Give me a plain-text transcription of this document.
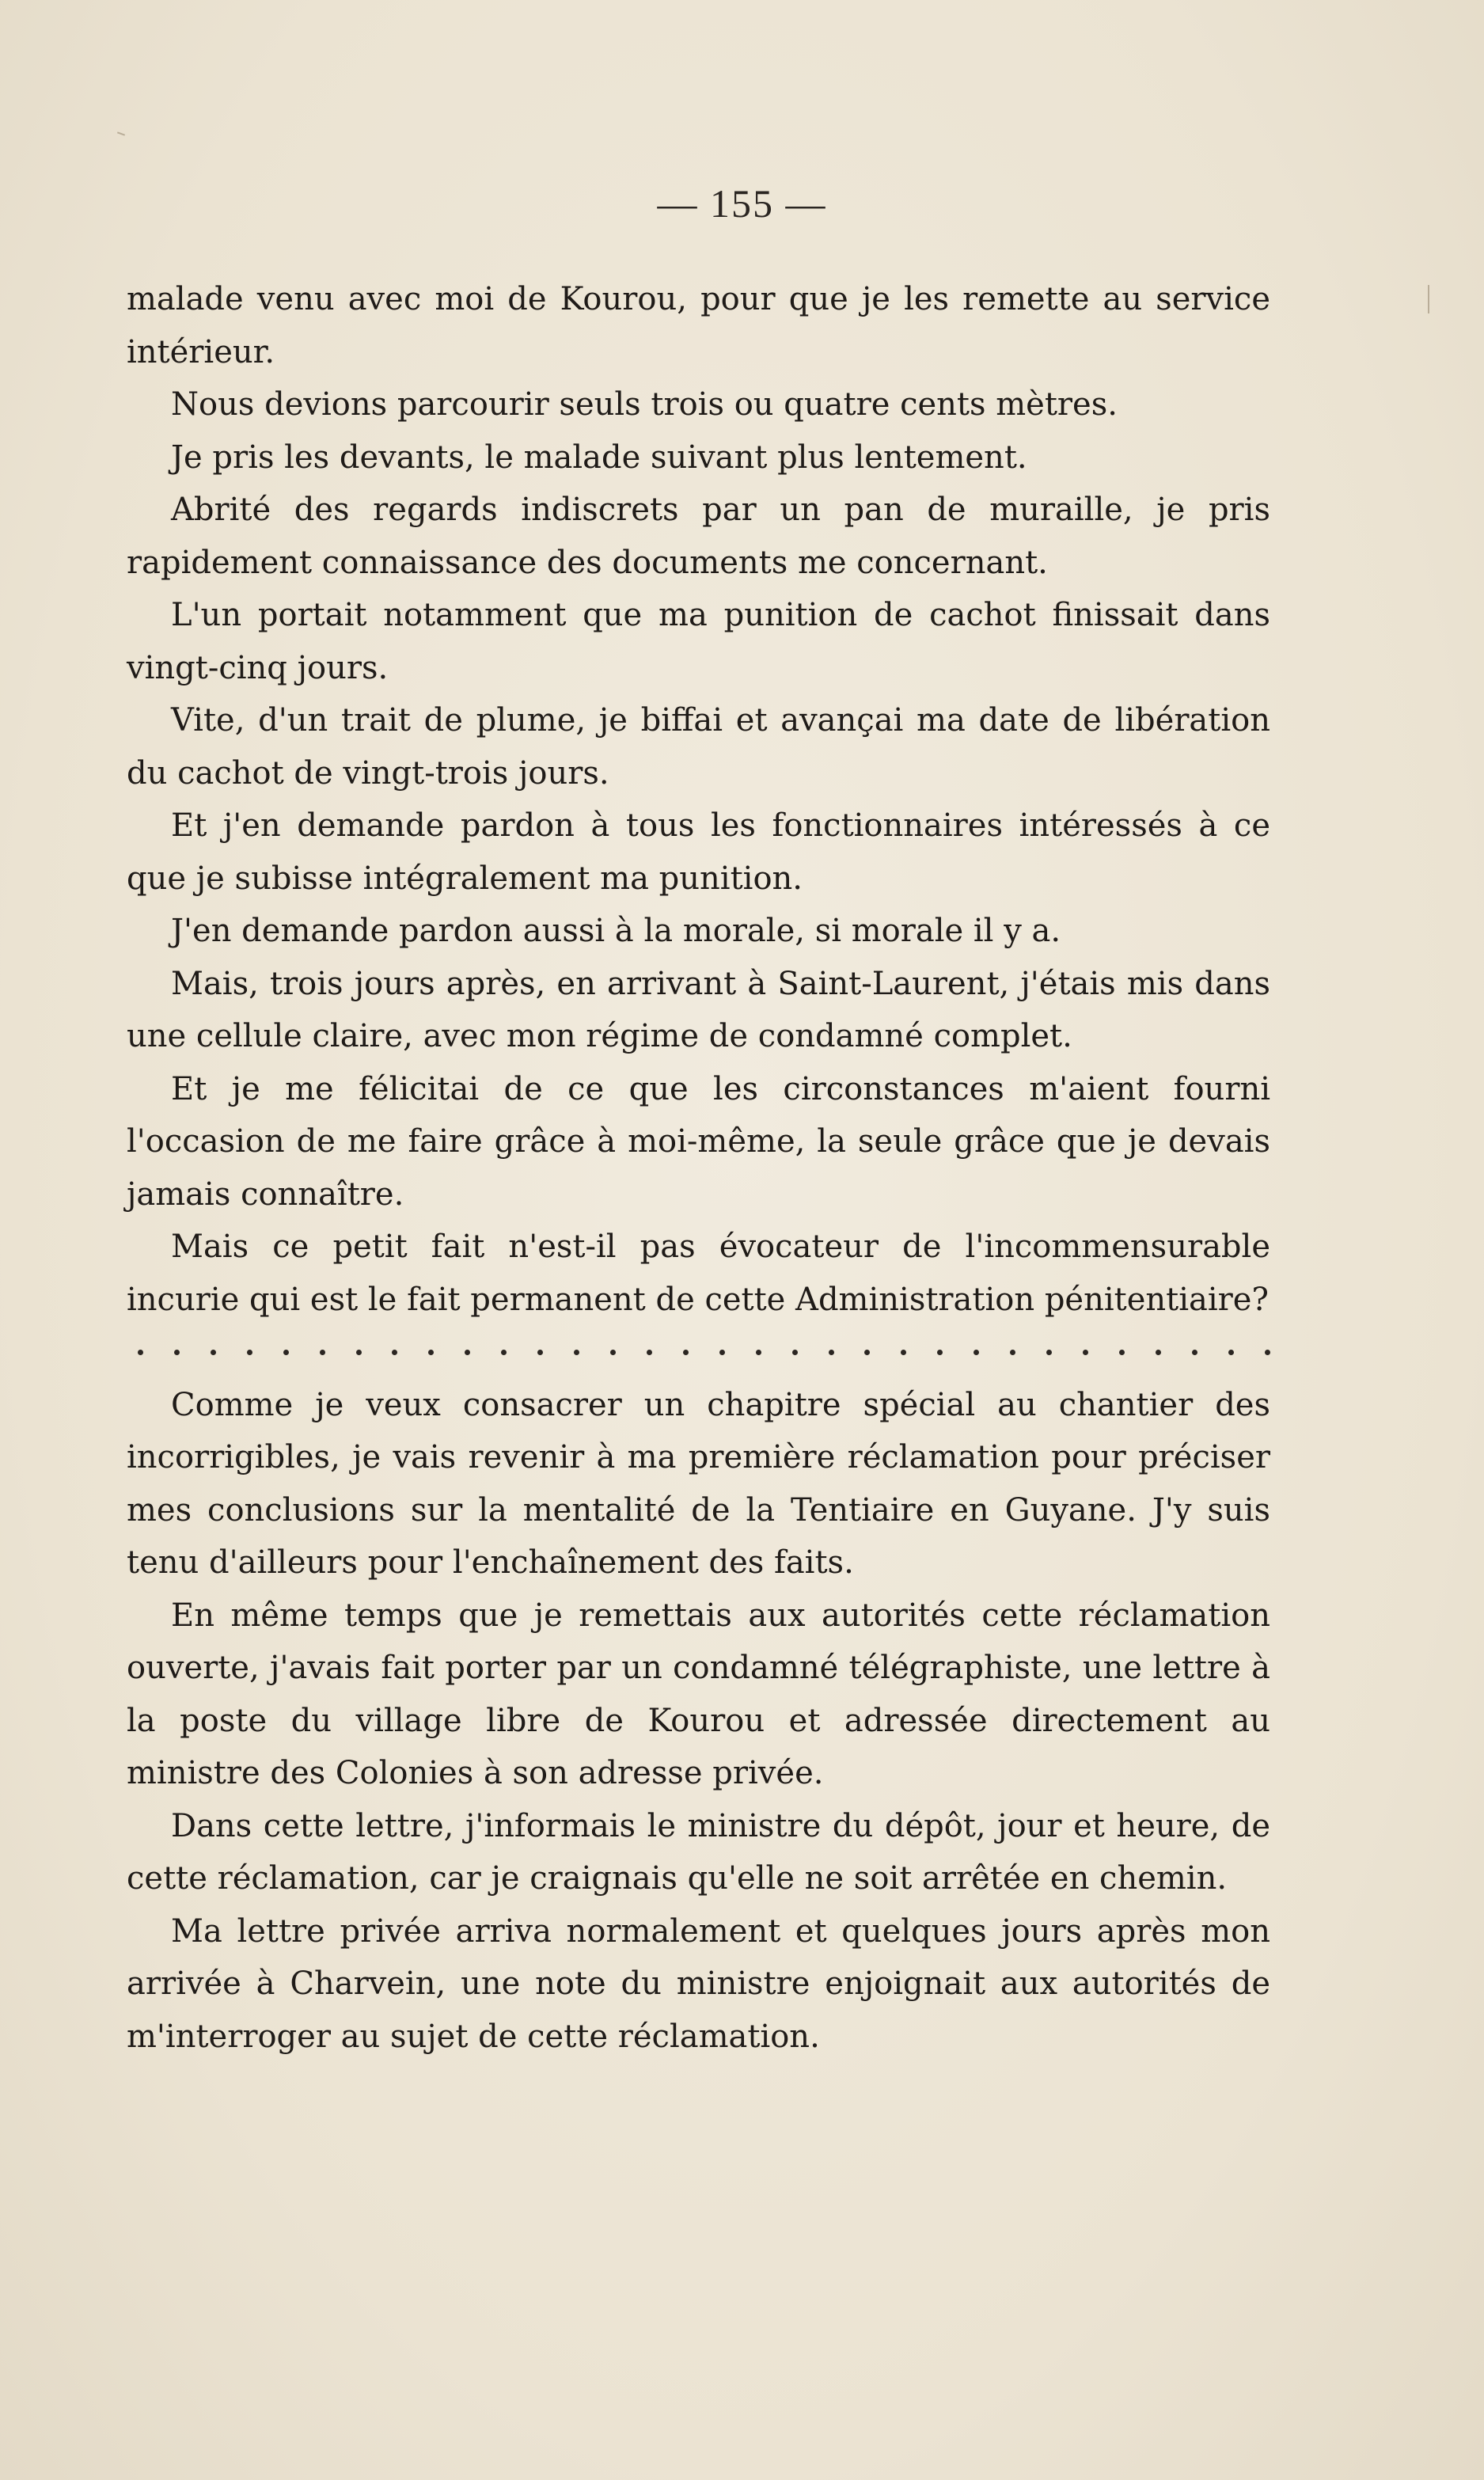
— 155 —

malade venu avec moi de Kourou, pour que je les remette au service intérieur.

Nous devions parcourir seuls trois ou quatre cents mètres.

Je pris les devants, le malade suivant plus lentement.

Abrité des regards indiscrets par un pan de muraille, je pris rapidement connaissance des documents me concernant.

L'un portait notamment que ma punition de cachot finissait dans vingt-cinq jours.

Vite, d'un trait de plume, je biffai et avançai ma date de libération du cachot de vingt-trois jours.

Et j'en demande pardon à tous les fonctionnaires intéressés à ce que je subisse intégralement ma punition.

J'en demande pardon aussi à la morale, si morale il y a.

Mais, trois jours après, en arrivant à Saint-Laurent, j'étais mis dans une cellule claire, avec mon régime de condamné complet.

Et je me félicitai de ce que les circonstances m'aient fourni l'occasion de me faire grâce à moi-même, la seule grâce que je devais jamais connaître.

Mais ce petit fait n'est-il pas évocateur de l'incommensurable incurie qui est le fait permanent de cette Administration pénitentiaire?

Comme je veux consacrer un chapitre spécial au chantier des incorrigibles, je vais revenir à ma première réclamation pour préciser mes conclusions sur la mentalité de la Tentiaire en Guyane. J'y suis tenu d'ailleurs pour l'enchaînement des faits.

En même temps que je remettais aux autorités cette réclamation ouverte, j'avais fait porter par un condamné télégraphiste, une lettre à la poste du village libre de Kourou et adressée directement au ministre des Colonies à son adresse privée.

Dans cette lettre, j'informais le ministre du dépôt, jour et heure, de cette réclamation, car je craignais qu'elle ne soit arrêtée en chemin.

Ma lettre privée arriva normalement et quelques jours après mon arrivée à Charvein, une note du ministre enjoignait aux autorités de m'interroger au sujet de cette réclamation.
